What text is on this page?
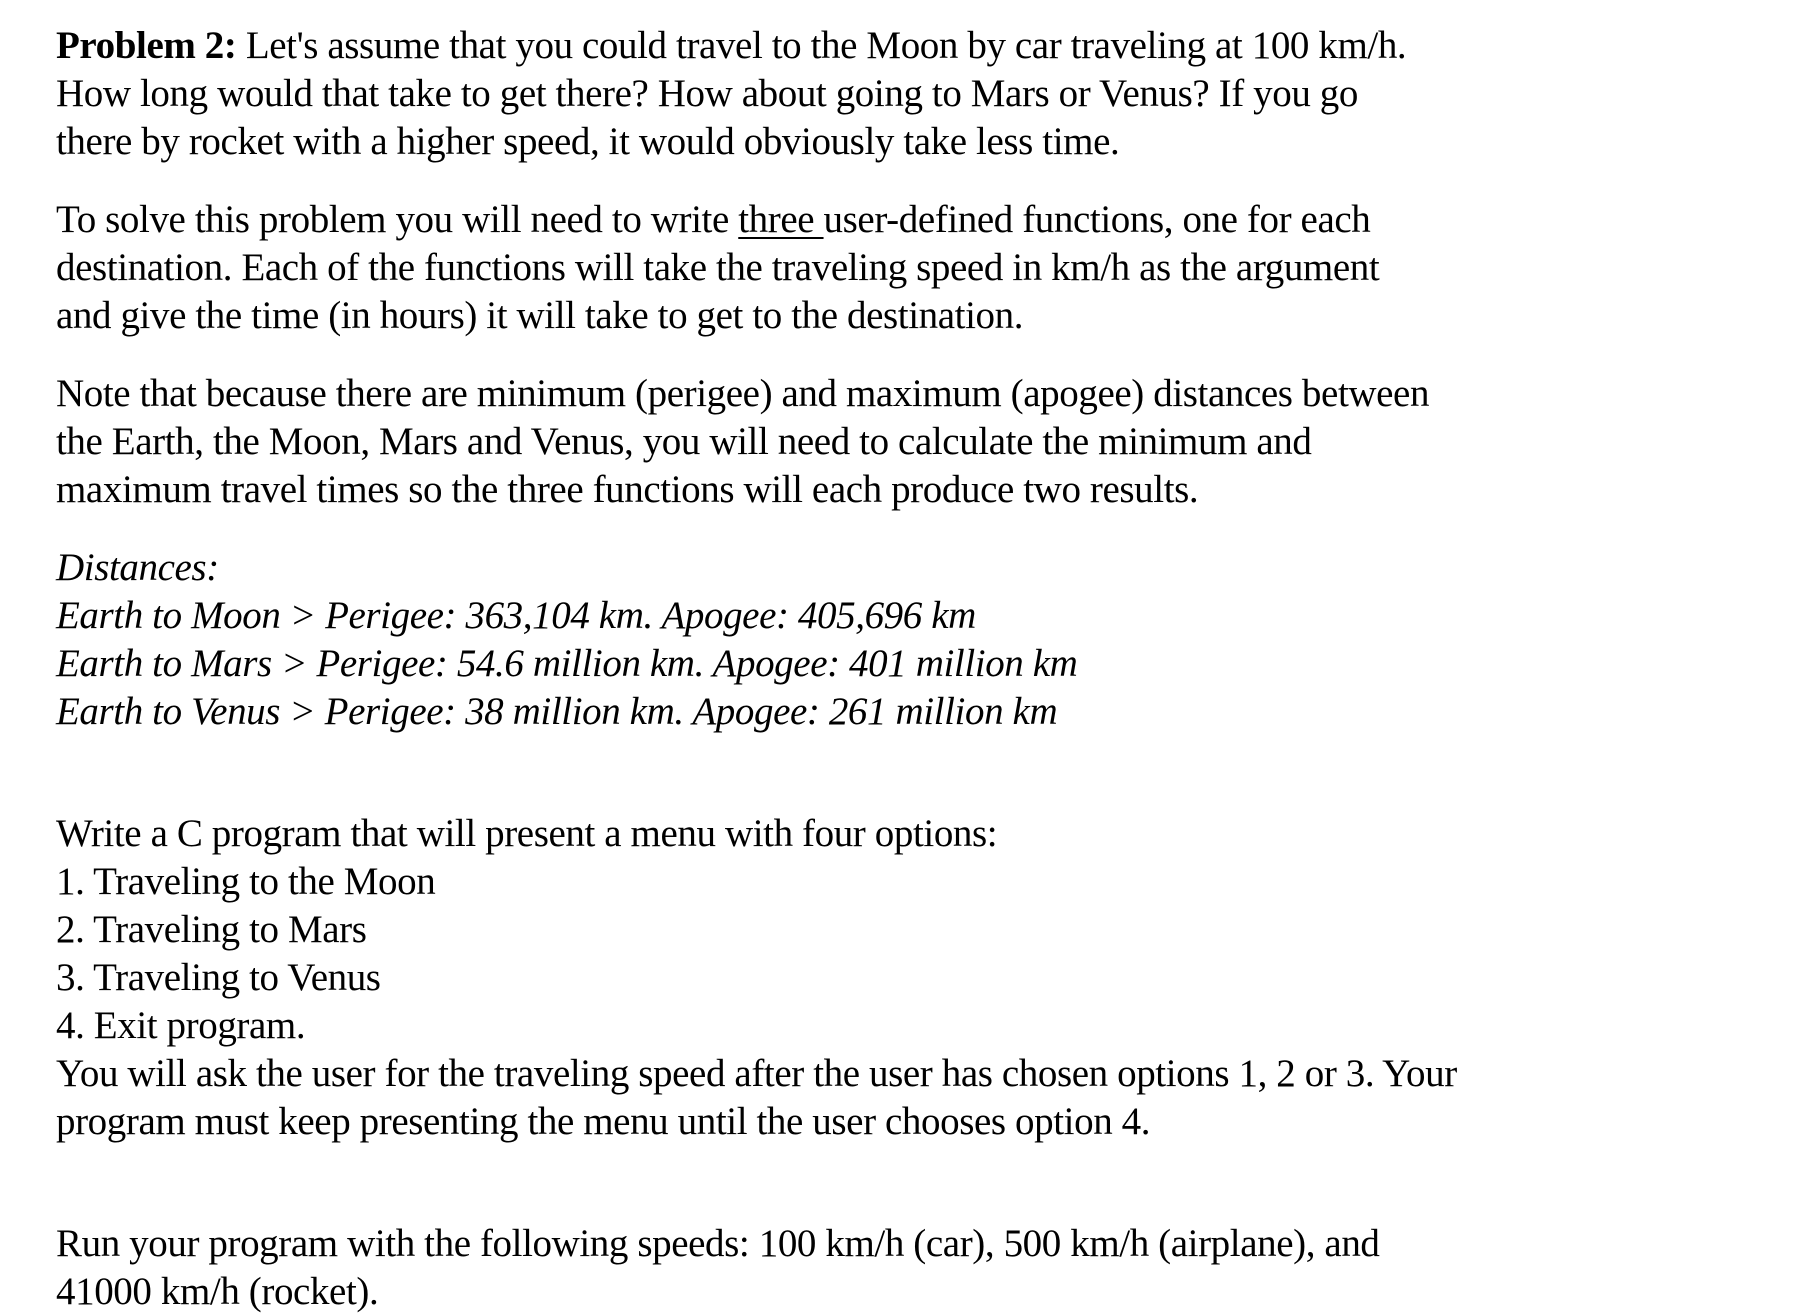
Problem 2: Let's assume that you could travel to the Moon by car traveling at 100 km/h.
How long would that take to get there? How about going to Mars or Venus? If you go
there by rocket with a higher speed, it would obviously take less time.

To solve this problem you will need to write three user-defined functions, one for each
destination. Each of the functions will take the traveling speed in km/h as the argument
and give the time (in hours) it will take to get to the destination.

Note that because there are minimum (perigee) and maximum (apogee) distances between
the Earth, the Moon, Mars and Venus, you will need to calculate the minimum and
maximum travel times so the three functions will each produce two results.

Distances:
Earth to Moon > Perigee: 363,104 km. Apogee: 405,696 km
Earth to Mars > Perigee: 54.6 million km. Apogee: 401 million km
Earth to Venus > Perigee: 38 million km. Apogee: 261 million km

Write a C program that will present a menu with four options:
1. Traveling to the Moon
2. Traveling to Mars
3. Traveling to Venus
4. Exit program.
You will ask the user for the traveling speed after the user has chosen options 1, 2 or 3. Your
program must keep presenting the menu until the user chooses option 4.

Run your program with the following speeds: 100 km/h (car), 500 km/h (airplane), and
41000 km/h (rocket).
